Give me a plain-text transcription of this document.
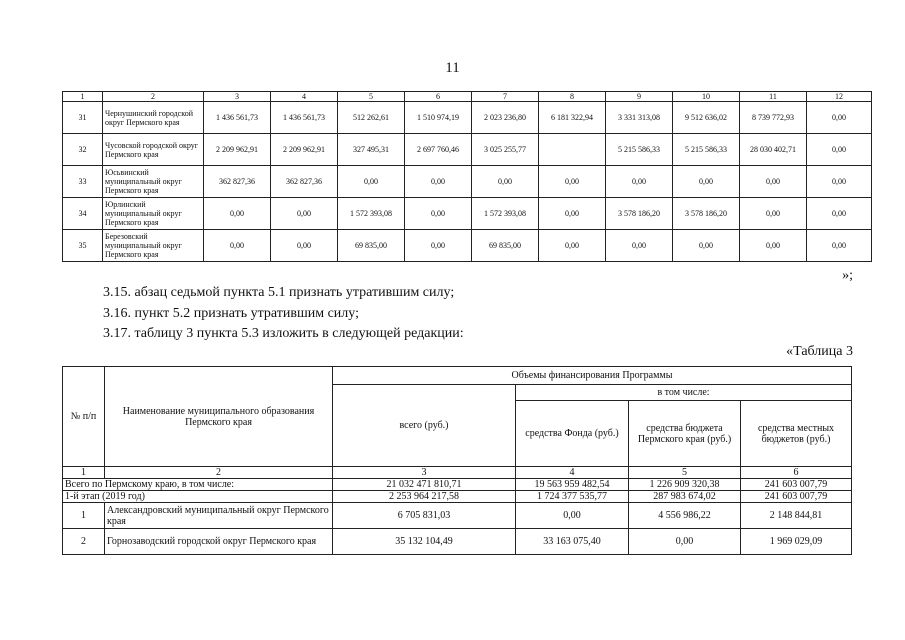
11
1	2	3	4	5	6	7	8	9	10	11	12
31	Чернушинский городской округ Пермского края	1 436 561,73	1 436 561,73	512 262,61	1 510 974,19	2 023 236,80	6 181 322,94	3 331 313,08	9 512 636,02	8 739 772,93	0,00
32	Чусовской городской округ Пермского края	2 209 962,91	2 209 962,91	327 495,31	2 697 760,46	3 025 255,77		5 215 586,33	5 215 586,33	28 030 402,71	0,00
33	Юсьвинский муниципальный округ Пермского края	362 827,36	362 827,36	0,00	0,00	0,00	0,00	0,00	0,00	0,00	0,00
34	Юрлинский муниципальный округ Пермского края	0,00	0,00	1 572 393,08	0,00	1 572 393,08	0,00	3 578 186,20	3 578 186,20	0,00	0,00
35	Березовский муниципальный округ Пермского края	0,00	0,00	69 835,00	0,00	69 835,00	0,00	0,00	0,00	0,00	0,00
»;
3.15. абзац седьмой пункта 5.1 признать утратившим силу;
3.16. пункт 5.2 признать утратившим силу;
3.17. таблицу 3 пункта 5.3 изложить в следующей редакции:
«Таблица 3
№ п/п	Наименование муниципального образования Пермского края	Объемы финансирования Программы			
		всего (руб.)	в том числе:		
			средства Фонда (руб.)	средства бюджета Пермского края (руб.)	средства местных бюджетов (руб.)
1	2	3	4	5	6
Всего по Пермскому краю, в том числе:		21 032 471 810,71	19 563 959 482,54	1 226 909 320,38	241 603 007,79
1-й этап (2019 год)		2 253 964 217,58	1 724 377 535,77	287 983 674,02	241 603 007,79
1	Александровский муниципальный округ Пермского края	6 705 831,03	0,00	4 556 986,22	2 148 844,81
2	Горнозаводский городской округ Пермского края	35 132 104,49	33 163 075,40	0,00	1 969 029,09
